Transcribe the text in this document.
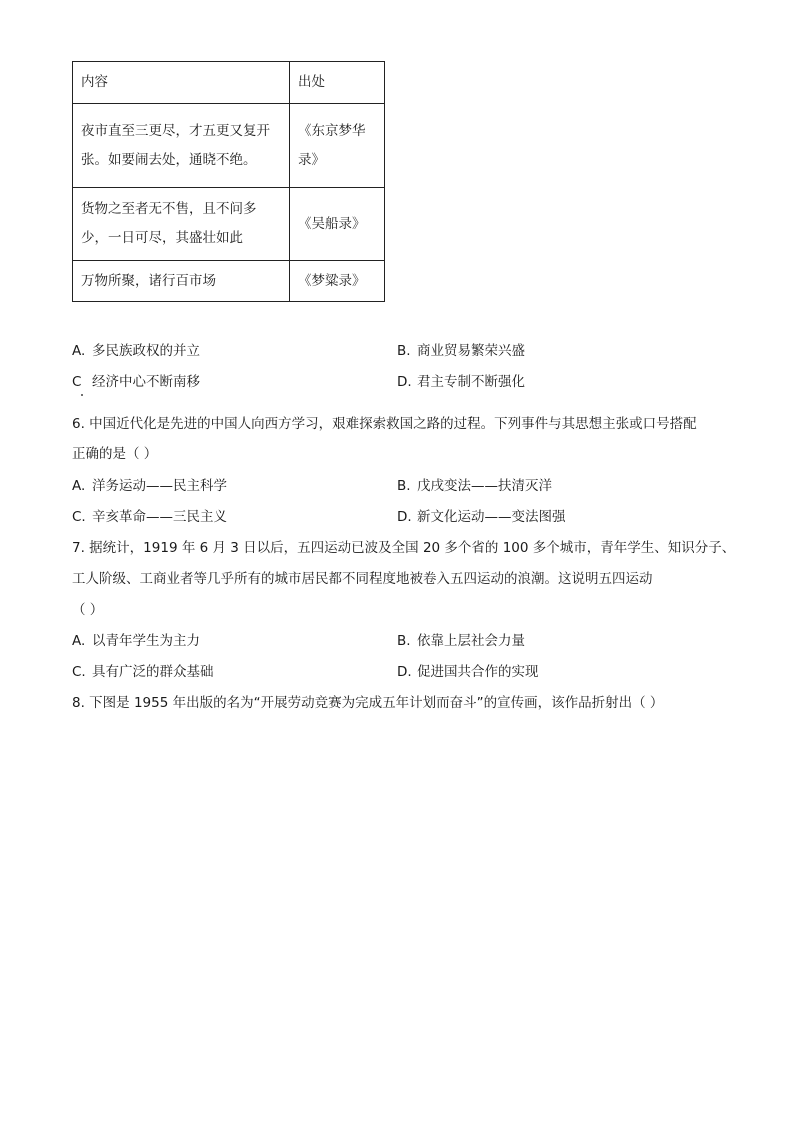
内容	出处
夜市直至三更尽，才五更又复开张。如要闹去处，通晓不绝。	《东京梦华录》
货物之至者无不售，且不问多少，一日可尽，其盛壮如此	《吴船录》
万物所聚，诸行百市场	《梦粱录》
A. 多民族政权的并立	B. 商业贸易繁荣兴盛
C 经济中心不断南移	D. 君主专制不断强化
6. 中国近代化是先进的中国人向西方学习，艰难探索救国之路的过程。下列事件与其思想主张或口号搭配
正确的是（ ）
A. 洋务运动——民主科学	B. 戊戌变法——扶清灭洋
C. 辛亥革命——三民主义	D. 新文化运动——变法图强
7. 据统计，1919 年 6 月 3 日以后，五四运动已波及全国 20 多个省的 100 多个城市，青年学生、知识分子、
工人阶级、工商业者等几乎所有的城市居民都不同程度地被卷入五四运动的浪潮。这说明五四运动
（ ）
A. 以青年学生为主力	B. 依靠上层社会力量
C. 具有广泛的群众基础	D. 促进国共合作的实现
8. 下图是 1955 年出版的名为“开展劳动竞赛为完成五年计划而奋斗”的宣传画，该作品折射出（ ）
